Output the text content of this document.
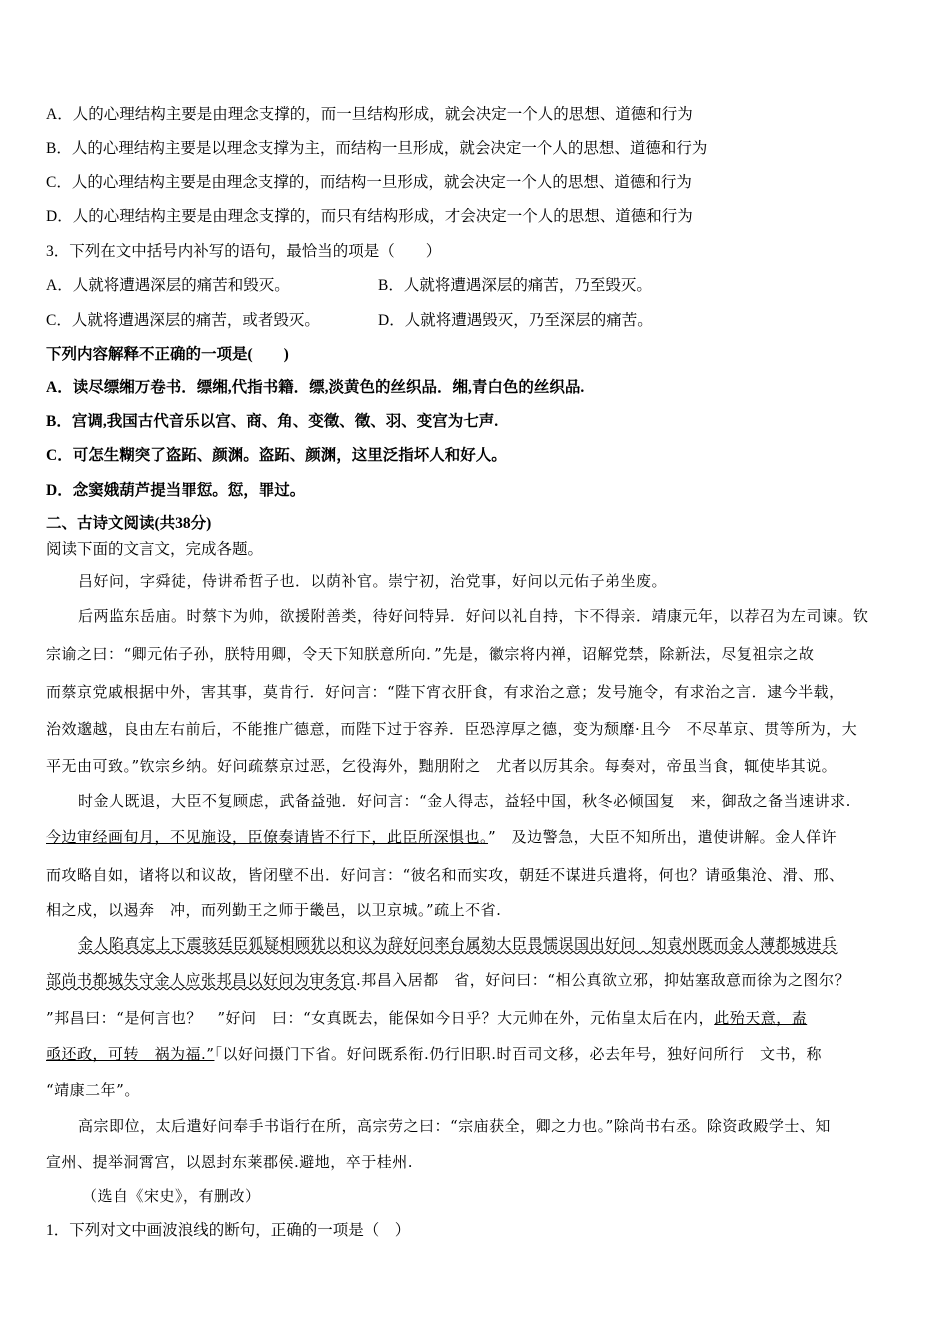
A．人的心理结构主要是由理念支撑的，而一旦结构形成，就会决定一个人的思想、道德和行为
B．人的心理结构主要是以理念支撑为主，而结构一旦形成，就会决定一个人的思想、道德和行为
C．人的心理结构主要是由理念支撑的，而结构一旦形成，就会决定一个人的思想、道德和行为
D．人的心理结构主要是由理念支撑的，而只有结构形成，才会决定一个人的思想、道德和行为
3．下列在文中括号内补写的语句，最恰当的项是（　　）
A．人就将遭遇深层的痛苦和毁灭。	B．人就将遭遇深层的痛苦，乃至毁灭。
C．人就将遭遇深层的痛苦，或者毁灭。	D．人就将遭遇毁灭，乃至深层的痛苦。
下列内容解释不正确的一项是(　　)
A．读尽缥缃万卷书．缥缃,代指书籍．缥,淡黄色的丝织品．缃,青白色的丝织品.
B．宫调,我国古代音乐以宫、商、角、变徵、徵、羽、变宫为七声.
C．可怎生糊突了盗跖、颜渊。盗跖、颜渊，这里泛指坏人和好人。
D．念窦娥葫芦提当罪愆。愆，罪过。
二、古诗文阅读(共38分)
阅读下面的文言文，完成各题。
吕好问，字舜徒，侍讲希哲子也．以荫补官。崇宁初，治党事，好问以元佑子弟坐废。
后两监东岳庙。时蔡卞为帅，欲援附善类，待好问特异．好问以礼自持，卞不得亲．靖康元年，以荐召为左司谏。钦
宗谕之曰：“卿元佑子孙，朕特用卿，令天下知朕意所向．”先是，徽宗将内禅，诏解党禁，除新法，尽复祖宗之故
而蔡京党戚根据中外，害其事，莫肯行．好问言：“陛下宵衣肝食，有求治之意；发号施令，有求治之言．逮今半载，
治效邈越，良由左右前后，不能推广德意，而陛下过于容养．臣恐淳厚之德，变为颓靡·且今　不尽革京、贯等所为，大
平无由可致。”钦宗乡纳。好问疏蔡京过恶，乞役海外，黜朋附之　尤者以厉其余。每奏对，帝虽当食，辄使毕其说。
时金人既退，大臣不复顾虑，武备益弛．好问言：“金人得志，益轻中国，秋冬必倾国复　来，御敌之备当速讲求.
今边审经画旬月，不见施设，臣僚奏请皆不行下，此臣所深惧也。”　及边警急，大臣不知所出，遣使讲解。金人佯许
而攻略自如，诸将以和议故，皆闭壁不出．好问言：“彼名和而实攻，朝廷不谋进兵遣将，何也？请亟集沧、滑、邢、
相之戍，以遏奔　冲，而列勤王之师于畿邑，以卫京城。”疏上不省.
金人陷真定上下震骇廷臣狐疑相顾犹以和议为辞好问率台属劾大臣畏懦误国出好问　知袁州既而金人薄都城进兵
部尚书都城失守金人应张邦昌以好问为审务官.邦昌入居都　省，好问曰：“相公真欲立邪，抑姑塞敌意而徐为之图尔？
”邦昌曰：“是何言也？　”好问　曰：“女真既去，能保如今日乎？大元帅在外，元佑皇太后在内，此殆天意，盍
亟还政，可转　祸为福.”「以好问摄门下省。好问既系衔.仍行旧职.时百司文移，必去年号，独好问所行　文书，称
“靖康二年”。
高宗即位，太后遣好问奉手书诣行在所，高宗劳之曰：“宗庙获全，卿之力也。”除尚书右丞。除资政殿学士、知
宣州、提举洞霄宫，以恩封东莱郡侯.避地，卒于桂州.
（选自《宋史》，有删改）
1．下列对文中画波浪线的断句，正确的一项是（　）
